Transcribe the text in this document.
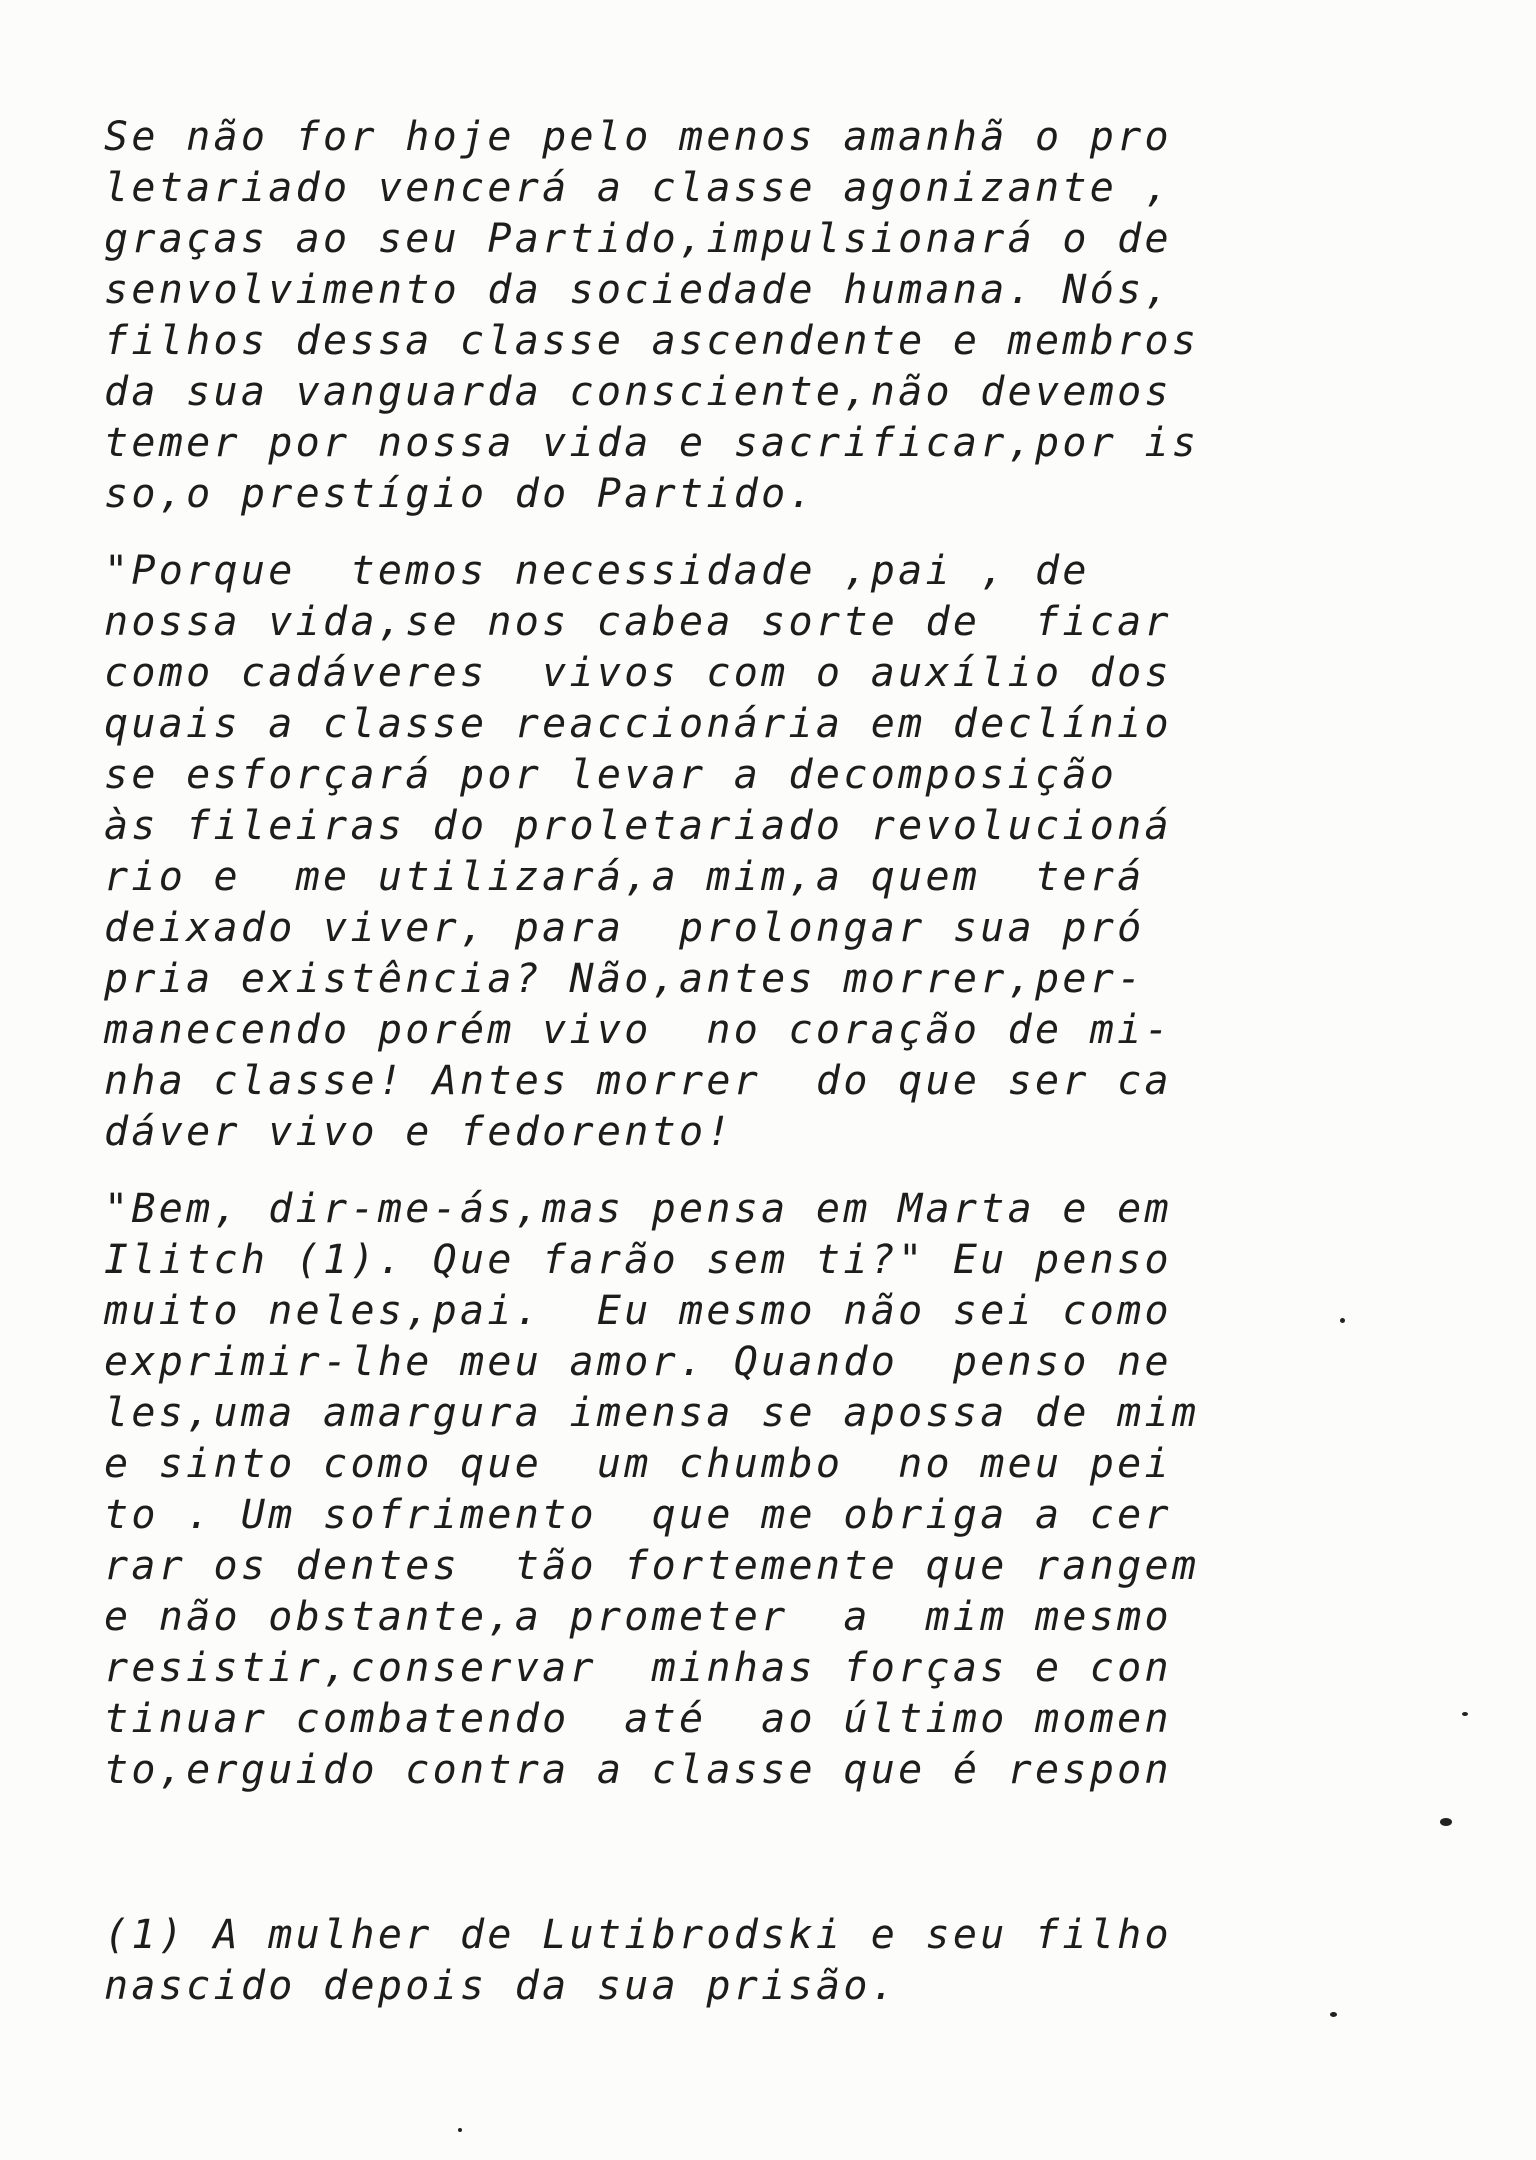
Se não for hoje pelo menos amanhã o pro
letariado vencerá a classe agonizante ,
graças ao seu Partido,impulsionará o de
senvolvimento da sociedade humana. Nós,
filhos dessa classe ascendente e membros
da sua vanguarda consciente,não devemos
temer por nossa vida e sacrificar,por is
so,o prestígio do Partido.
"Porque  temos necessidade ,pai , de
nossa vida,se nos cabea sorte de  ficar
como cadáveres  vivos com o auxílio dos
quais a classe reaccionária em declínio
se esforçará por levar a decomposição
às fileiras do proletariado revolucioná
rio e  me utilizará,a mim,a quem  terá
deixado viver, para  prolongar sua pró
pria existência? Não,antes morrer,per-
manecendo porém vivo  no coração de mi-
nha classe! Antes morrer  do que ser ca
dáver vivo e fedorento!
"Bem, dir-me-ás,mas pensa em Marta e em
Ilitch (1). Que farão sem ti?" Eu penso
muito neles,pai.  Eu mesmo não sei como
exprimir-lhe meu amor. Quando  penso ne
les,uma amargura imensa se apossa de mim
e sinto como que  um chumbo  no meu pei
to . Um sofrimento  que me obriga a cer
rar os dentes  tão fortemente que rangem
e não obstante,a prometer  a  mim mesmo
resistir,conservar  minhas forças e con
tinuar combatendo  até  ao último momen
to,erguido contra a classe que é respon
(1) A mulher de Lutibrodski e seu filho
nascido depois da sua prisão.
